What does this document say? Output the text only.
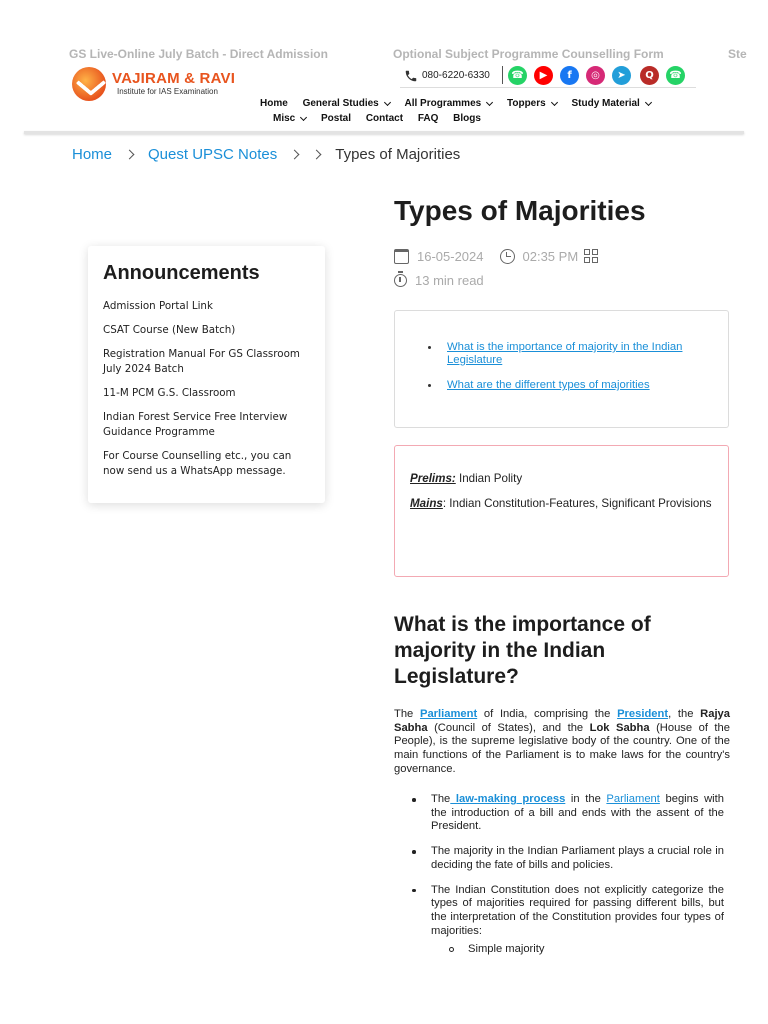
GS Live-Online July Batch - Direct Admission	Optional Subject Programme Counselling Form	Ste
VAJIRAM & RAVI
Institute for IAS Examination
080-6220-6330	☎	▶	f	◎	➤	Q	☎
Home
General Studies
	All Programmes
	Toppers
	Study Material
Misc
	Postal
Contact
FAQ
Blogs
Home Quest UPSC Notes	Types of Majorities
Announcements
Admission Portal Link
CSAT Course (New Batch)
Registration Manual For GS Classroom July 2024 Batch
11-M PCM G.S. Classroom
Indian Forest Service Free Interview Guidance Programme
For Course Counselling etc., you can now send us a WhatsApp message.
Types of Majorities
16-05-2024	02:35 PM
13 min read
What is the importance of majority in the Indian Legislature
What are the different types of majorities

Prelims: Indian Polity

Mains: Indian Constitution-Features, Significant Provisions

What is the importance of majority in the Indian Legislature?

The Parliament of India, comprising the President, the Rajya Sabha (Council of States), and the Lok Sabha (House of the People), is the supreme legislative body of the country. One of the main functions of the Parliament is to make laws for the country's governance.

The law-making process in the Parliament begins with the introduction of a bill and ends with the assent of the President.
The majority in the Indian Parliament plays a crucial role in deciding the fate of bills and policies.
The Indian Constitution does not explicitly categorize the types of majorities required for passing different bills, but the interpretation of the Constitution provides four types of majorities:
Simple majority
